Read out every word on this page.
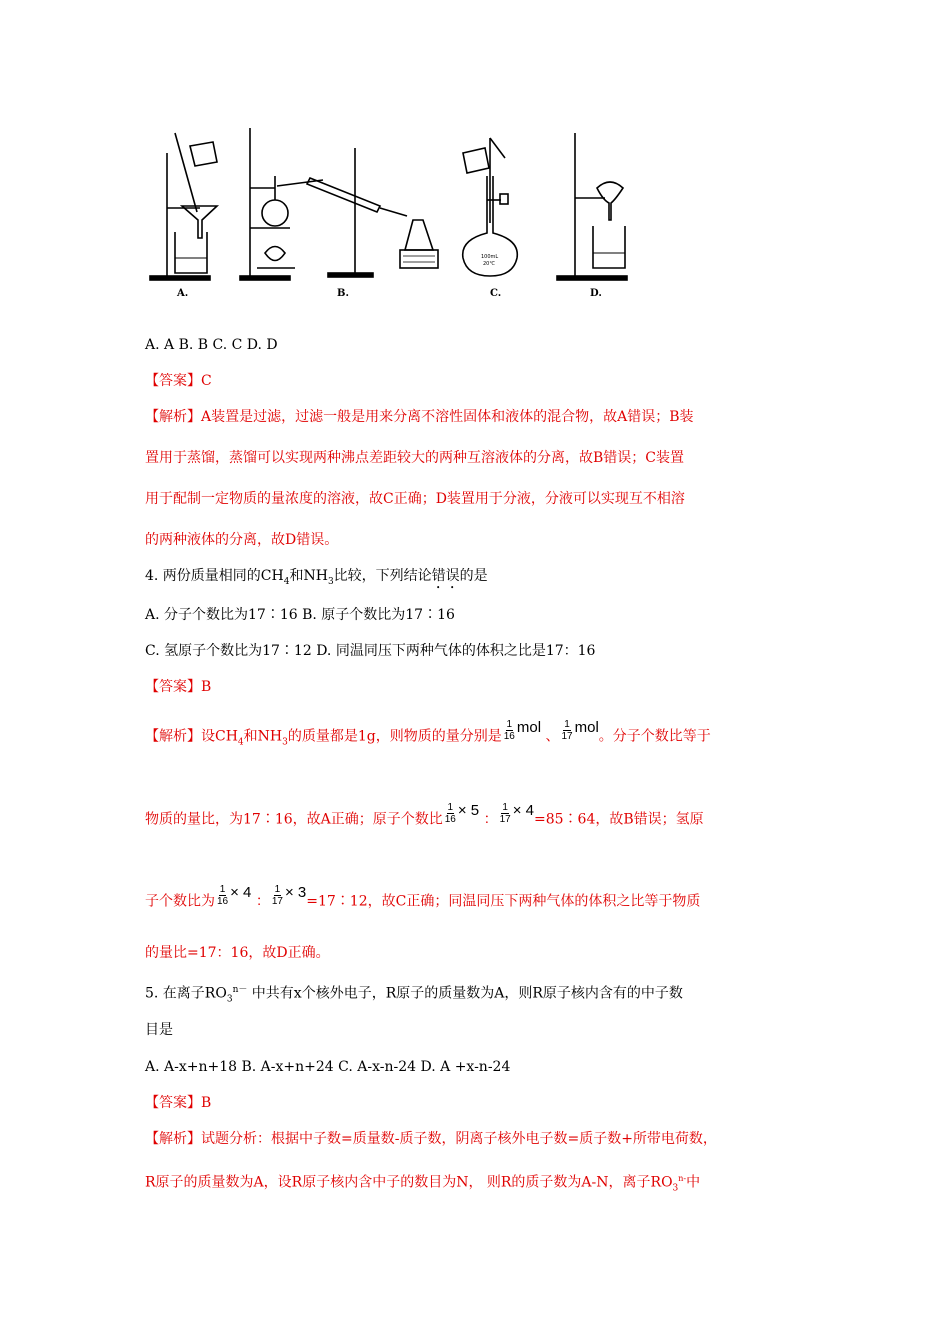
A.	B.	C.	D.
100mL
20℃
A. A B. B C. C D. D
【答案】C
【解析】A装置是过滤，过滤一般是用来分离不溶性固体和液体的混合物，故A错误；B装
置用于蒸馏，蒸馏可以实现两种沸点差距较大的两种互溶液体的分离，故B错误；C装置
用于配制一定物质的量浓度的溶液，故C正确；D装置用于分液，分液可以实现互不相溶
的两种液体的分离，故D错误。
4. 两份质量相同的$CH_4$和$NH_3$比较，下列结论错误的是
A. 分子个数比为17∶16 B. 原子个数比为17∶16
C. 氢原子个数比为17∶12 D. 同温同压下两种气体的体积之比是17：16
【答案】B
【解析】设$CH_4$和$NH_3$的质量都是1g，则物质的量分别是 $\frac{1}{16}$ mol 、 $\frac{1}{17}$ mol。分子个数比等于
物质的量比，为17∶16，故A正确；原子个数比 $\frac{1}{16} \times 5$ ： $\frac{1}{17}$ × 4=85∶64，故B错误；氢原
子个数比为 $\frac{1}{16} \times 4$ ： $\frac{1}{17}$ × 3=17∶12，故C正确；同温同压下两种气体的体积之比等于物质
的量比=17：16，故D正确。
5. 在离子$RO_3^{n-}$ 中共有x个核外电子，R原子的质量数为A，则R原子核内含有的中子数
目是
A. A-x+n+18 B. A-x+n+24 C. A-x-n-24 D. A +x-n-24
【答案】B
【解析】试题分析：根据中子数=质量数-质子数，阴离子核外电子数=质子数+所带电荷数，
R原子的质量数为A，设R原子核内含中子的数目为N， 则R的质子数为A-N，离子$RO_3^{n-}$中
